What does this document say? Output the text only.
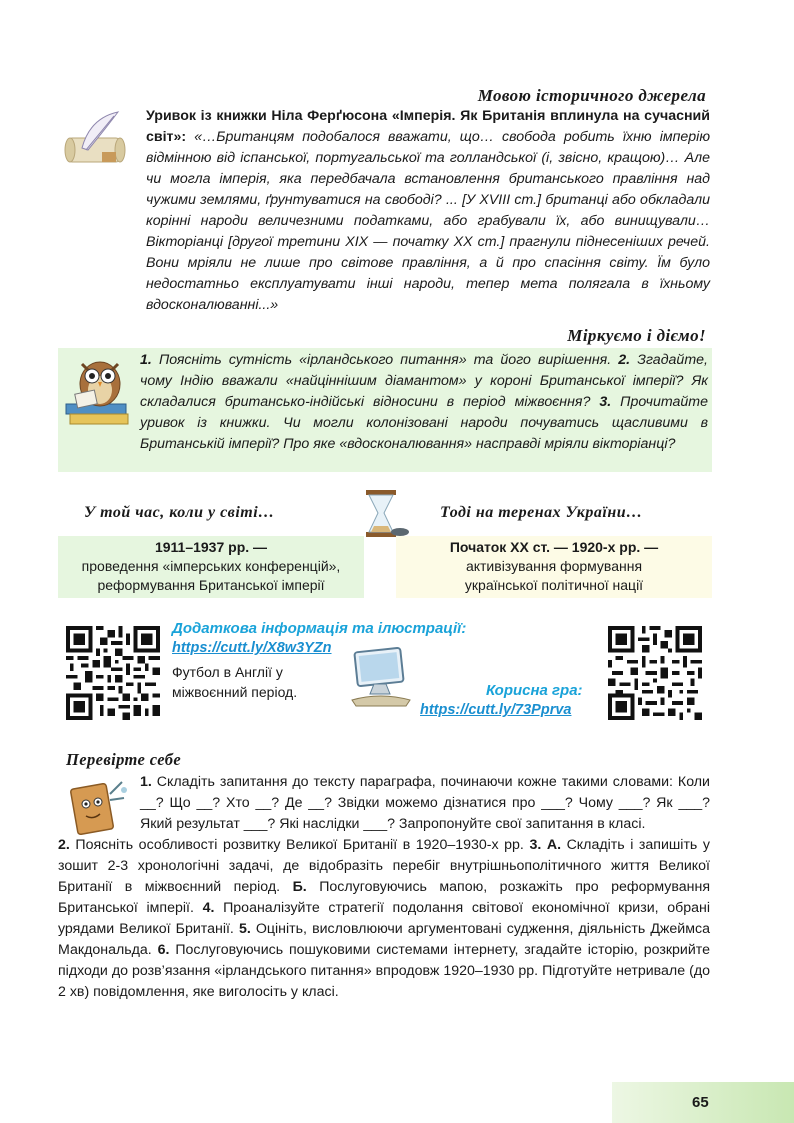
Мовою історичного джерела
Уривок із книжки Ніла Ферґюсона «Імперія. Як Британія вплинула на сучасний світ»: «…Британцям подобалося вважати, що… свобода робить їхню імперію відмінною від іспанської, португальської та голландської (і, звісно, кращою)… Але чи могла імперія, яка передбачала встановлення британського правління над чужими землями, ґрунтуватися на свободі? ... [У XVIII ст.] британці або обкладали корінні народи величезними податками, або грабували їх, або винищували… Вікторіанці [другої третини XIX — початку XX ст.] прагнули піднесеніших речей. Вони мріяли не лише про світове правління, а й про спасіння світу. Їм було недостатньо експлуатувати інші народи, тепер мета полягала в їхньому вдосконалюванні...»
Міркуємо і діємо!
1. Поясніть сутність «ірландського питання» та його вирішення. 2. Згадайте, чому Індію вважали «найціннішим діамантом» у короні Британської імперії? Як складалися британсько-індійські відносини в період міжвоєння? 3. Прочитайте уривок із книжки. Чи могли колонізовані народи почуватись щасливими в Британській імперії? Про яке «вдосконалювання» насправді мріяли вікторіанці?
У той час, коли у світі…	Тоді на теренах України…
1911–1937 рр. —
проведення «імперських конференцій», реформування Британської імперії
Початок XX ст. — 1920-х рр. —
активізування формування української політичної нації
Додаткова інформація та ілюстрації:
https://cutt.ly/X8w3YZn
Футбол в Англії у міжвоєнний період.	Корисна гра:
https://cutt.ly/73Pprva
Перевірте себе
1. Складіть запитання до тексту параграфа, починаючи кожне такими словами: Коли __? Що __? Хто __? Де __? Звідки можемо дізнатися про ___? Чому ___? Як ___? Який результат ___? Які наслідки ___? Запропонуйте свої запитання в класі.
2. Поясніть особливості розвитку Великої Британії в 1920–1930-х рр. 3. А. Складіть і запишіть у зошит 2-3 хронологічні задачі, де відобразіть перебіг внутрішньополітичного життя Великої Британії в міжвоєнний період. Б. Послуговуючись мапою, розкажіть про реформування Британської імперії. 4. Проаналізуйте стратегії подолання світової економічної кризи, обрані урядами Великої Британії. 5. Оцініть, висловлюючи аргументовані судження, діяльність Джеймса Макдональда. 6. Послуговуючись пошуковими системами інтернету, згадайте історію, розкрийте підходи до розв’язання «ірландського питання» впродовж 1920–1930 рр. Підготуйте нетривале (до 2 хв) повідомлення, яке виголосіть у класі.
65
